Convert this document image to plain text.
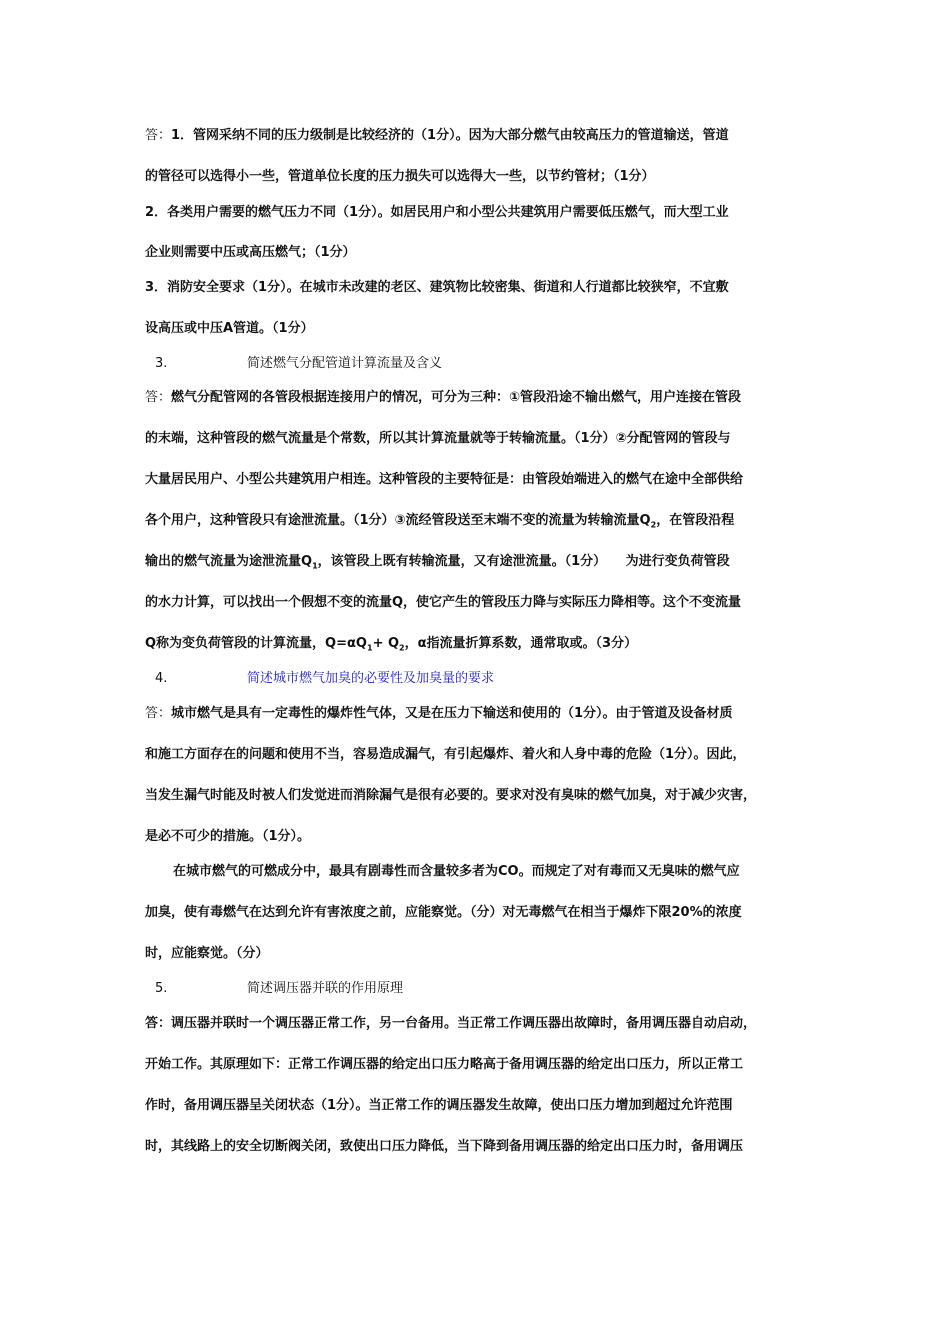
答：1．管网采纳不同的压力级制是比较经济的（1分）。因为大部分燃气由较高压力的管道输送，管道
的管径可以选得小一些，管道单位长度的压力损失可以选得大一些，以节约管材；（1分）
2．各类用户需要的燃气压力不同（1分）。如居民用户和小型公共建筑用户需要低压燃气，而大型工业
企业则需要中压或高压燃气；（1分）
3．消防安全要求（1分）。在城市未改建的老区、建筑物比较密集、街道和人行道都比较狭窄，不宜敷
设高压或中压A管道。（1分）
3.	简述燃气分配管道计算流量及含义
答：燃气分配管网的各管段根据连接用户的情况，可分为三种：①管段沿途不输出燃气，用户连接在管段
的末端，这种管段的燃气流量是个常数，所以其计算流量就等于转输流量。（1分）②分配管网的管段与
大量居民用户、小型公共建筑用户相连。这种管段的主要特征是：由管段始端进入的燃气在途中全部供给
各个用户，这种管段只有途泄流量。（1分）③流经管段送至末端不变的流量为转输流量$Q_2$，在管段沿程
输出的燃气流量为途泄流量$Q_1$，该管段上既有转输流量，又有途泄流量。（1分）　　为进行变负荷管段
的水力计算，可以找出一个假想不变的流量Q，使它产生的管段压力降与实际压力降相等。这个不变流量
Q称为变负荷管段的计算流量，$Q=\alpha Q_1+ Q_2$，α指流量折算系数，通常取或。（3分）
4.	简述城市燃气加臭的必要性及加臭量的要求
答：城市燃气是具有一定毒性的爆炸性气体，又是在压力下输送和使用的（1分）。由于管道及设备材质
和施工方面存在的问题和使用不当，容易造成漏气，有引起爆炸、着火和人身中毒的危险（1分）。因此，
当发生漏气时能及时被人们发觉进而消除漏气是很有必要的。要求对没有臭味的燃气加臭，对于减少灾害，
是必不可少的措施。（1分）。
在城市燃气的可燃成分中，最具有剧毒性而含量较多者为CO。而规定了对有毒而又无臭味的燃气应
加臭，使有毒燃气在达到允许有害浓度之前，应能察觉。（分）对无毒燃气在相当于爆炸下限20%的浓度
时，应能察觉。（分）
5.	简述调压器并联的作用原理
答：调压器并联时一个调压器正常工作，另一台备用。当正常工作调压器出故障时，备用调压器自动启动，
开始工作。其原理如下：正常工作调压器的给定出口压力略高于备用调压器的给定出口压力，所以正常工
作时，备用调压器呈关闭状态（1分）。当正常工作的调压器发生故障，使出口压力增加到超过允许范围
时，其线路上的安全切断阀关闭，致使出口压力降低，当下降到备用调压器的给定出口压力时，备用调压
